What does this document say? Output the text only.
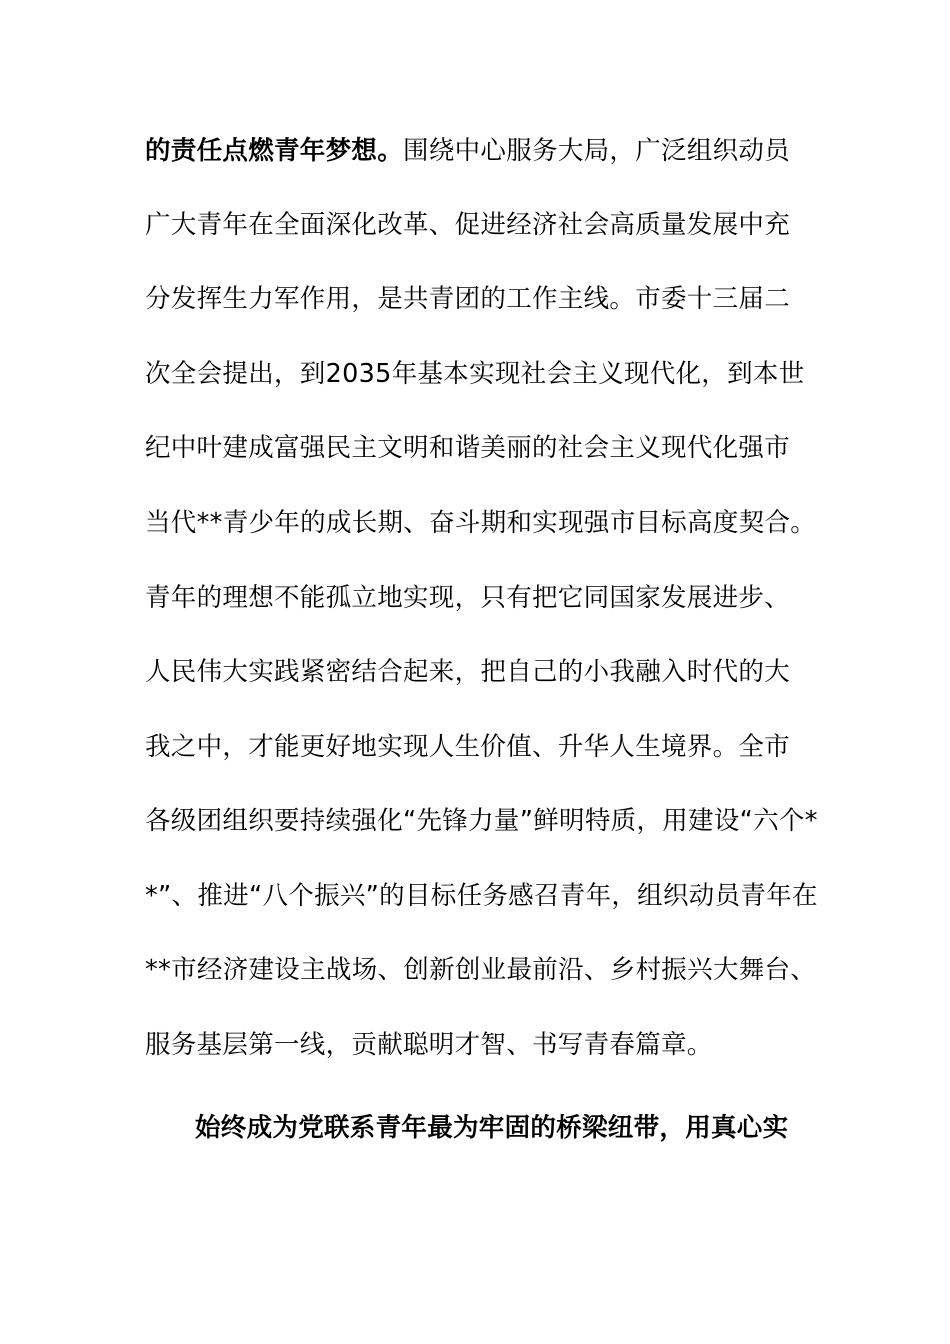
的责任点燃青年梦想。围绕中心服务大局，广泛组织动员
广大青年在全面深化改革、促进经济社会高质量发展中充
分发挥生力军作用，是共青团的工作主线。市委十三届二
次全会提出，到2035年基本实现社会主义现代化，到本世
纪中叶建成富强民主文明和谐美丽的社会主义现代化强市
当代**青少年的成长期、奋斗期和实现强市目标高度契合。
青年的理想不能孤立地实现，只有把它同国家发展进步、
人民伟大实践紧密结合起来，把自己的小我融入时代的大
我之中，才能更好地实现人生价值、升华人生境界。全市
各级团组织要持续强化“先锋力量”鲜明特质，用建设“六个*
*”、推进“八个振兴”的目标任务感召青年，组织动员青年在
**市经济建设主战场、创新创业最前沿、乡村振兴大舞台、
服务基层第一线，贡献聪明才智、书写青春篇章。
始终成为党联系青年最为牢固的桥梁纽带，用真心实
